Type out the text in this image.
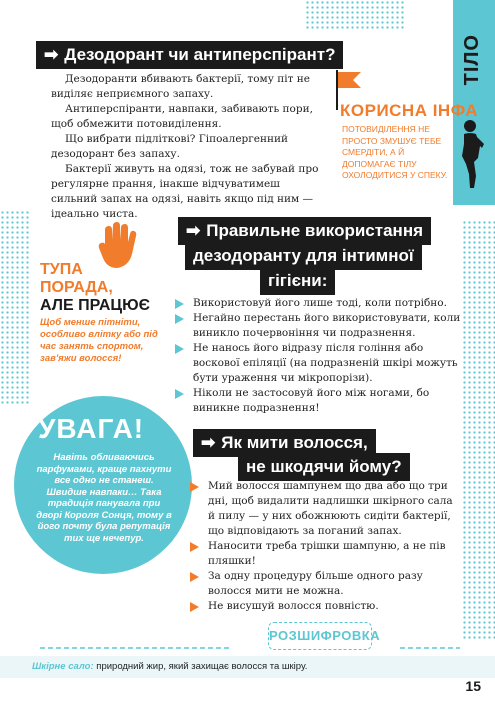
ТІЛО
➡ Дезодорант чи антиперспірант?

Дезодоранти вбивають бактерії, тому піт не виділяє неприємного запаху.

Антиперспіранти, навпаки, забивають пори, щоб обмежити потовиділення.

Що вибрати підліткові? Гіпоалергенний дезодорант без запаху.

Бактерії живуть на одязі, тож не забувай про регулярне прання, інакше відчуватимеш сильний запах на одязі, навіть якщо під ним — ідеально чиста.

КОРИСНА ІНФА
ПОТОВИДІЛЕННЯ НЕ ПРОСТО ЗМУШУЄ ТЕБЕ СМЕРДІТИ, А Й ДОПОМАГАЄ ТІЛУ ОХОЛОДИТИСЯ У СПЕКУ.
ТУПА
ПОРАДА,
АЛЕ ПРАЦЮЄ
Щоб менше пітніти, особливо влітку або під час занять спортом, зав'яжи волосся!
➡ Правильне використання
дезодоранту для інтимної
гігієни:
Використовуй його лише тоді, коли потрібно.
Негайно перестань його використовувати, коли виникло почервоніння чи подразнення.
Не наноcь його відразу після гоління або воскової епіляції (на подразненій шкірі можуть бути ураження чи мікропорізи).
Ніколи не застосовуй його між ногами, бо виникне подразнення!
УВАГА!
Навіть обливаючись парфумами, краще пахнути все одно не станеш. Швидше навпаки… Така традиція панувала при дворі Короля Сонця, тому в його почту була репутація тих ще нечепур.
➡ Як мити волосся,
не шкодячи йому?
Мий волосся шампунем що два або що три дні, щоб видалити надлишки шкірного сала й пилу — у них обожнюють сидіти бактерії, що відповідають за поганий запах.
Наносити треба трішки шампуню, а не пів пляшки!
За одну процедуру більше одного разу волосся мити не можна.
Не висушуй волосся повністю.
РОЗШИФРОВКА
Шкірне сало: природний жир, який захищає волосся та шкіру.
15
